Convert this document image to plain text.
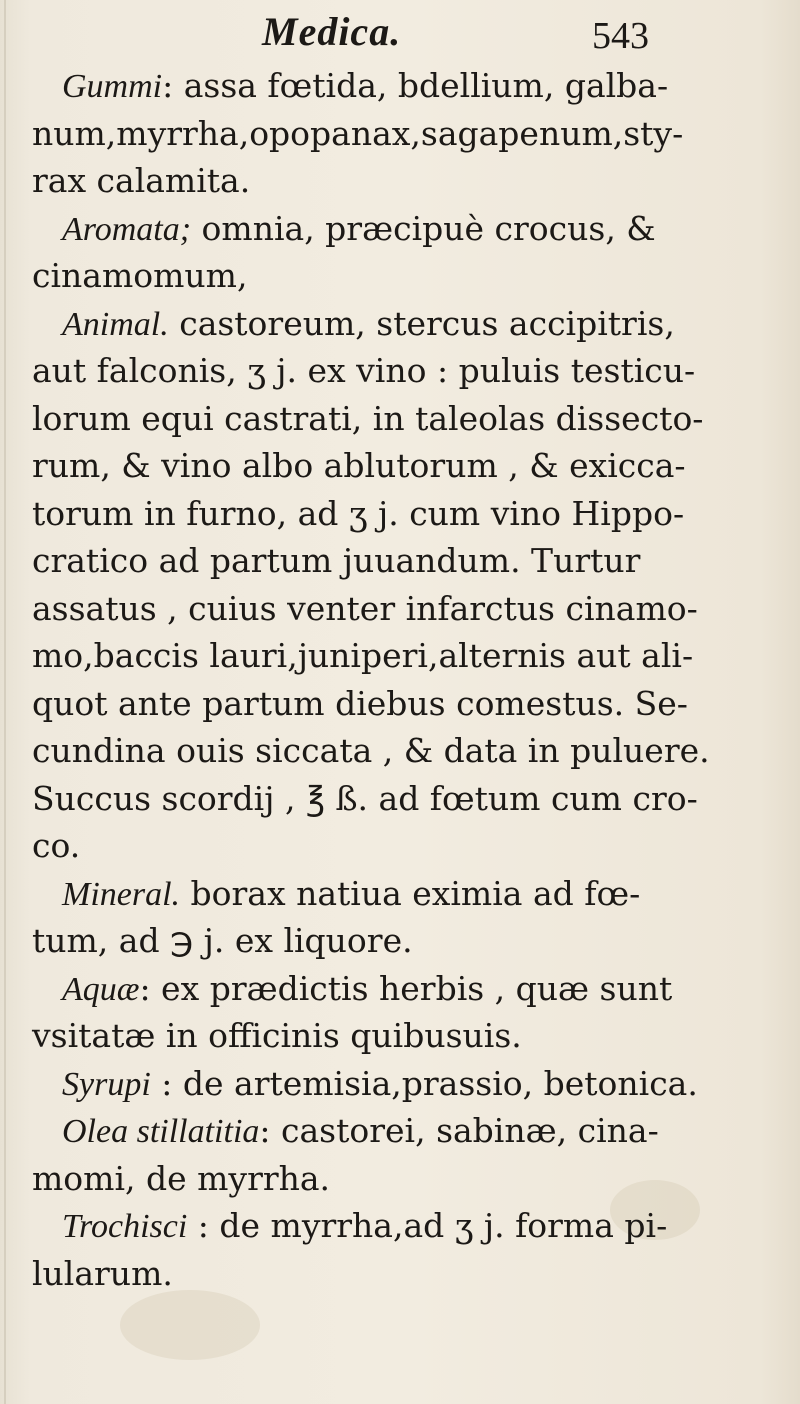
Medica.	543
Gummi: assa fœtida, bdellium, galba-
num,myrrha,opopanax,sagapenum,sty-
rax calamita.
Aromata; omnia, præcipuè crocus, &
cinamomum,
Animal. castoreum, stercus accipitris,
aut falconis, ʒ j. ex vino : puluis testicu-
lorum equi castrati, in taleolas dissecto-
rum, & vino albo ablutorum , & exicca-
torum in furno, ad ʒ j. cum vino Hippo-
cratico ad partum juuandum. Turtur
assatus , cuius venter infarctus cinamo-
mo,baccis lauri,juniperi,alternis aut ali-
quot ante partum diebus comestus. Se-
cundina ouis siccata , & data in puluere.
Succus scordij , ℥ ß. ad fœtum cum cro-
co.
Mineral. borax natiua eximia ad fœ-
tum, ad ℈ j. ex liquore.
Aquæ: ex prædictis herbis , quæ sunt
vsitatæ in officinis quibusuis.
Syrupi : de artemisia,prassio, betonica.
Olea stillatitia: castorei, sabinæ, cina-
momi, de myrrha.
Trochisci : de myrrha,ad ʒ j. forma pi-
lularum.
